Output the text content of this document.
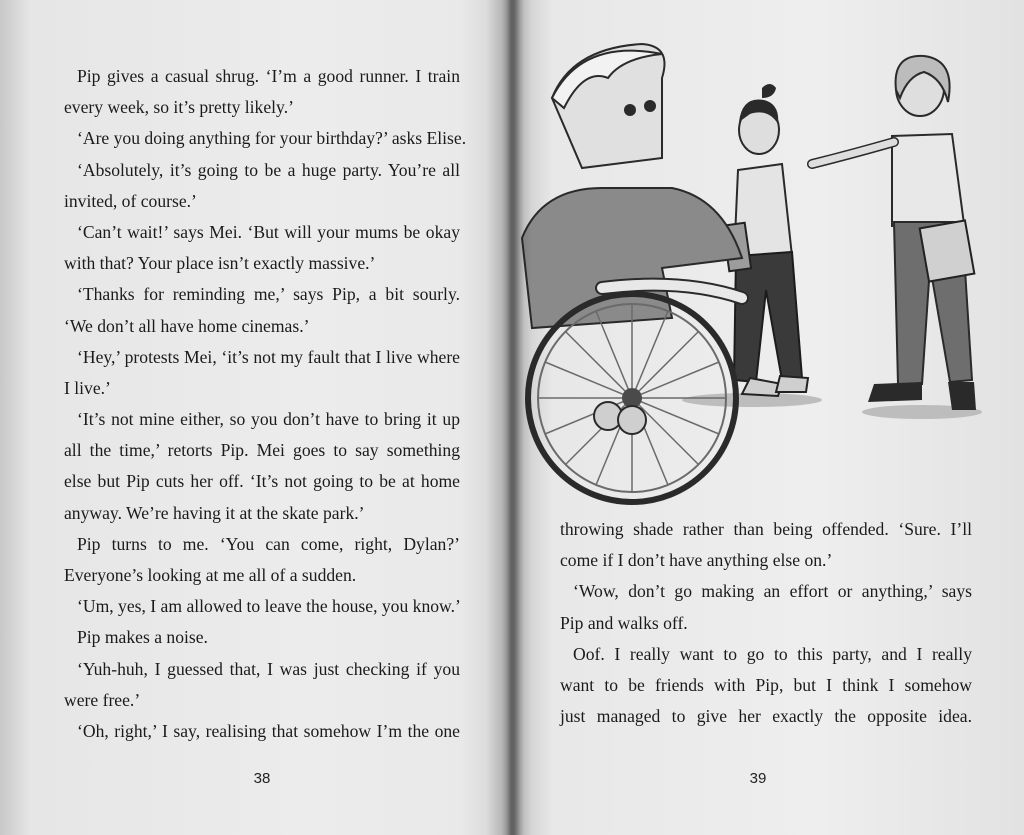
Pip gives a casual shrug. ‘I’m a good runner. I train
every week, so it’s pretty likely.’
‘Are you doing anything for your birthday?’ asks Elise.
‘Absolutely, it’s going to be a huge party. You’re all
invited, of course.’
‘Can’t wait!’ says Mei. ‘But will your mums be okay
with that? Your place isn’t exactly massive.’
‘Thanks for reminding me,’ says Pip, a bit sourly.
‘We don’t all have home cinemas.’
‘Hey,’ protests Mei, ‘it’s not my fault that I live where
I live.’
‘It’s not mine either, so you don’t have to bring it up
all the time,’ retorts Pip. Mei goes to say something
else but Pip cuts her off. ‘It’s not going to be at home
anyway. We’re having it at the skate park.’
Pip turns to me. ‘You can come, right, Dylan?’
Everyone’s looking at me all of a sudden.
‘Um, yes, I am allowed to leave the house, you know.’
Pip makes a noise.
‘Yuh-huh, I guessed that, I was just checking if you
were free.’
‘Oh, right,’ I say, realising that somehow I’m the one
38
throwing shade rather than being offended. ‘Sure. I’ll
come if I don’t have anything else on.’
‘Wow, don’t go making an effort or anything,’ says
Pip and walks off.
Oof. I really want to go to this party, and I really
want to be friends with Pip, but I think I somehow
just managed to give her exactly the opposite idea.
39
